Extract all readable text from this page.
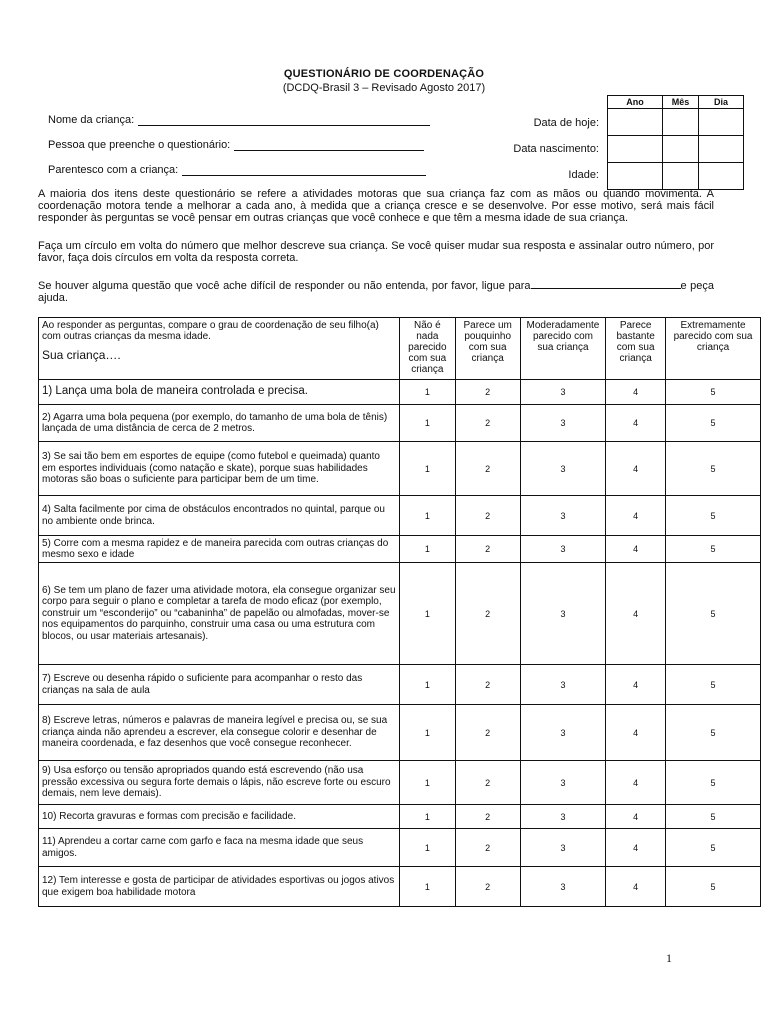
QUESTIONÁRIO DE COORDENAÇÃO
(DCDQ-Brasil 3 – Revisado Agosto 2017)
Nome da criança:
Pessoa que preenche o questionário:
Parentesco com a criança:
Data de hoje:
Data nascimento:
Idade:
Ano	Mês	Dia

A maioria dos itens deste questionário se refere a atividades motoras que sua criança faz com as mãos ou quando movimenta. A coordenação motora tende a melhorar a cada ano, à medida que a criança cresce e se desenvolve. Por esse motivo, será mais fácil responder às perguntas se você pensar em outras crianças que você conhece e que têm a mesma idade de sua criança.

Faça um círculo em volta do número que melhor descreve sua criança. Se você quiser mudar sua resposta e assinalar outro número, por favor, faça dois círculos em volta da resposta correta.

Se houver alguma questão que você ache difícil de responder ou não entenda, por favor, ligue para	e peça ajuda.

Ao responder as perguntas, compare o grau de coordenação de seu filho(a) com outras crianças da mesma idade.
Sua criança….	Não é nada parecido com sua criança	Parece um pouquinho com sua criança	Moderadamente parecido com sua criança	Parece bastante com sua criança	Extremamente parecido com sua criança
1) Lança uma bola de maneira controlada e precisa.	1	2	3	4	5
2) Agarra uma bola pequena (por exemplo, do tamanho de uma bola de tênis) lançada de uma distância de cerca de 2 metros.	1	2	3	4	5
3) Se sai tão bem em esportes de equipe (como futebol e queimada) quanto em esportes individuais (como natação e skate), porque suas habilidades motoras são boas o suficiente para participar bem de um time.	1	2	3	4	5
4) Salta facilmente por cima de obstáculos encontrados no quintal, parque ou no ambiente onde brinca.	1	2	3	4	5
5) Corre com a mesma rapidez e de maneira parecida com outras crianças do mesmo sexo e idade	1	2	3	4	5
6) Se tem um plano de fazer uma atividade motora, ela consegue organizar seu corpo para seguir o plano e completar a tarefa de modo eficaz (por exemplo, construir um “esconderijo” ou “cabaninha” de papelão ou almofadas, mover-se nos equipamentos do parquinho, construir uma casa ou uma estrutura com blocos, ou usar materiais artesanais).	1	2	3	4	5
7) Escreve ou desenha rápido o suficiente para acompanhar o resto das crianças na sala de aula	1	2	3	4	5
8) Escreve letras, números e palavras de maneira legível e precisa ou, se sua criança ainda não aprendeu a escrever, ela consegue colorir e desenhar de maneira coordenada, e faz desenhos que você consegue reconhecer.	1	2	3	4	5
9) Usa esforço ou tensão apropriados quando está escrevendo (não usa pressão excessiva ou segura forte demais o lápis, não escreve forte ou escuro demais, nem leve demais).	1	2	3	4	5
10) Recorta gravuras e formas com precisão e facilidade.	1	2	3	4	5
11) Aprendeu a cortar carne com garfo e faca na mesma idade que seus amigos.	1	2	3	4	5
12) Tem interesse e gosta de participar de atividades esportivas ou jogos ativos que exigem boa habilidade motora	1	2	3	4	5
1
